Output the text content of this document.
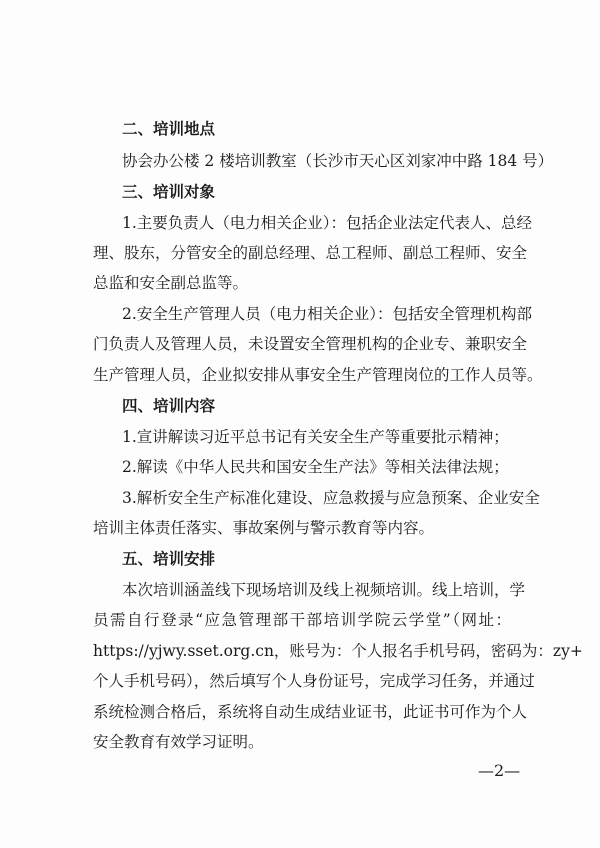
二、培训地点
协会办公楼 2 楼培训教室（长沙市天心区刘家冲中路 184 号）
三、培训对象
1.主要负责人（电力相关企业）：包括企业法定代表人、总经
理、股东，分管安全的副总经理、总工程师、副总工程师、安全
总监和安全副总监等。
2.安全生产管理人员（电力相关企业）：包括安全管理机构部
门负责人及管理人员，未设置安全管理机构的企业专、兼职安全
生产管理人员，企业拟安排从事安全生产管理岗位的工作人员等。
四、培训内容
1.宣讲解读习近平总书记有关安全生产等重要批示精神；
2.解读《中华人民共和国安全生产法》等相关法律法规；
3.解析安全生产标准化建设、应急救援与应急预案、企业安全
培训主体责任落实、事故案例与警示教育等内容。
五、培训安排
本次培训涵盖线下现场培训及线上视频培训。线上培训，学
员需自行登录“应急管理部干部培训学院云学堂”（网址：
https://yjwy.sset.org.cn，账号为：个人报名手机号码，密码为：zy+
个人手机号码），然后填写个人身份证号，完成学习任务，并通过
系统检测合格后，系统将自动生成结业证书，此证书可作为个人
安全教育有效学习证明。
—2—
